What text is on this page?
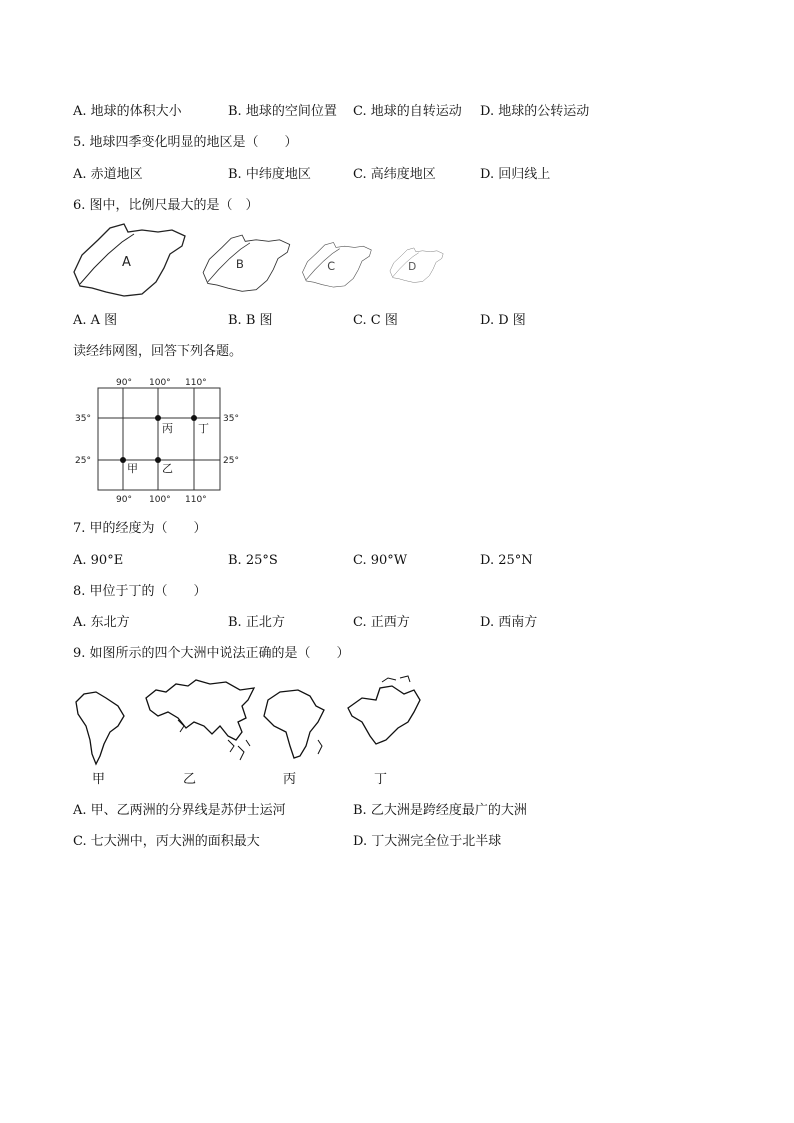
A. 地球的体积大小	B. 地球的空间位置 C. 地球的自转运动 D. 地球的公转运动
5. 地球四季变化明显的地区是（　　）
A. 赤道地区	B. 中纬度地区	C. 高纬度地区	D. 回归线上
6. 图中，比例尺最大的是（　）
A	B	C	D
A. A 图	B. B 图	C. C 图	D. D 图
读经纬网图，回答下列各题。
90° 100° 110°
90° 100° 110°
35°
25°
35°
25°
甲 乙
丙 丁
7. 甲的经度为（　　）
A. 90°E	B. 25°S	C. 90°W	D. 25°N
8. 甲位于丁的（　　）
A. 东北方	B. 正北方	C. 正西方	D. 西南方
9. 如图所示的四个大洲中说法正确的是（　　）
甲	乙	丙	丁
A. 甲、乙两洲的分界线是苏伊士运河	B. 乙大洲是跨经度最广的大洲
C. 七大洲中，丙大洲的面积最大	D. 丁大洲完全位于北半球
